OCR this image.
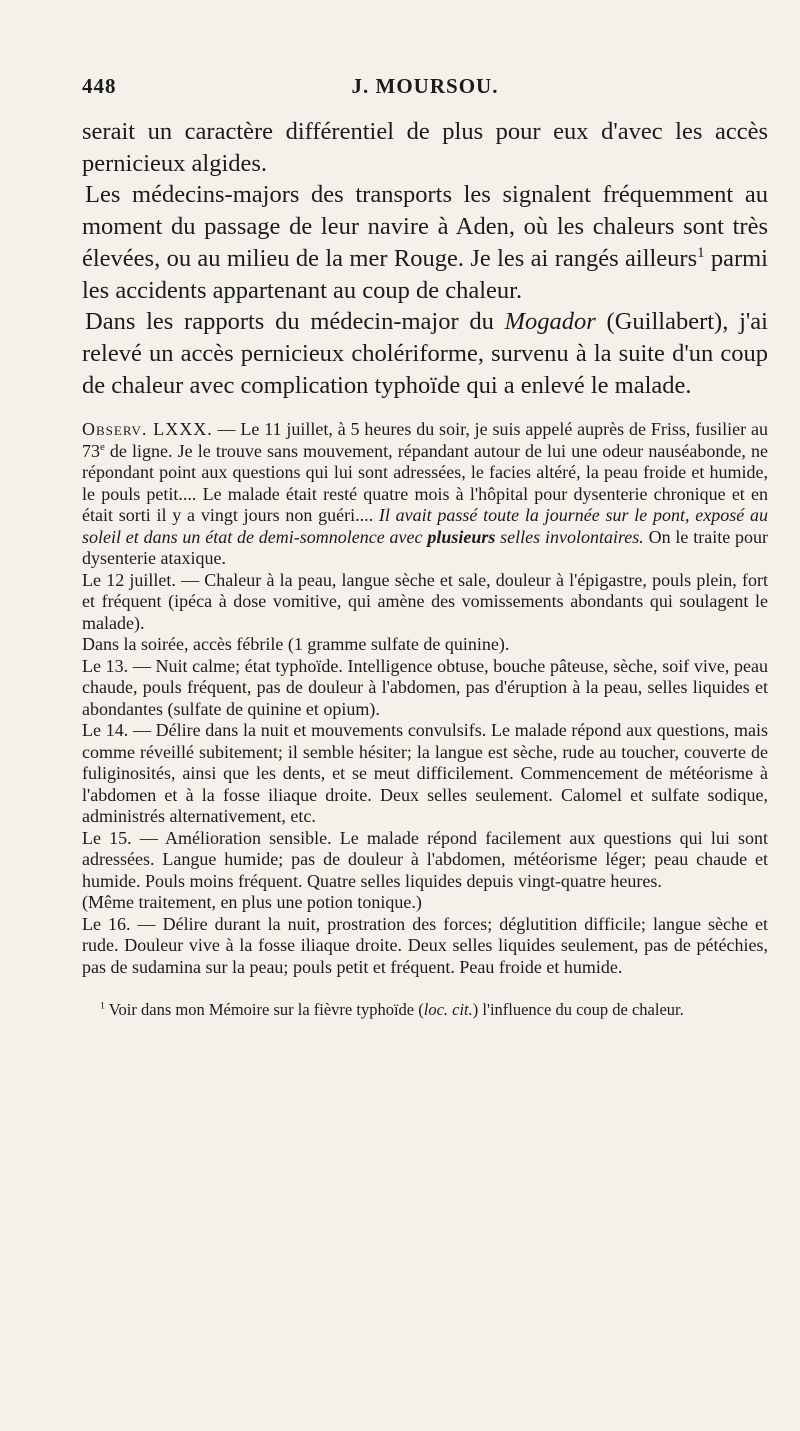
448	J. MOURSOU.

serait un caractère différentiel de plus pour eux d'avec les accès pernicieux algides.

Les médecins-majors des transports les signalent fréquemment au moment du passage de leur navire à Aden, où les chaleurs sont très élevées, ou au milieu de la mer Rouge. Je les ai rangés ailleurs$^1$ parmi les accidents appartenant au coup de chaleur.

Dans les rapports du médecin-major du Mogador (Guillabert), j'ai relevé un accès pernicieux cholériforme, survenu à la suite d'un coup de chaleur avec complication typhoïde qui a enlevé le malade.

Observ. LXXX. — Le 11 juillet, à 5 heures du soir, je suis appelé auprès de Friss, fusilier au 73e de ligne. Je le trouve sans mouvement, répandant autour de lui une odeur nauséabonde, ne répondant point aux questions qui lui sont adressées, le facies altéré, la peau froide et humide, le pouls petit.... Le malade était resté quatre mois à l'hôpital pour dysenterie chronique et en était sorti il y a vingt jours non guéri.... Il avait passé toute la journée sur le pont, exposé au soleil et dans un état de demi-somnolence avec plusieurs selles involontaires. On le traite pour dysenterie ataxique.

Le 12 juillet. — Chaleur à la peau, langue sèche et sale, douleur à l'épigastre, pouls plein, fort et fréquent (ipéca à dose vomitive, qui amène des vomissements abondants qui soulagent le malade).

Dans la soirée, accès fébrile (1 gramme sulfate de quinine).

Le 13. — Nuit calme; état typhoïde. Intelligence obtuse, bouche pâteuse, sèche, soif vive, peau chaude, pouls fréquent, pas de douleur à l'abdomen, pas d'éruption à la peau, selles liquides et abondantes (sulfate de quinine et opium).

Le 14. — Délire dans la nuit et mouvements convulsifs. Le malade répond aux questions, mais comme réveillé subitement; il semble hésiter; la langue est sèche, rude au toucher, couverte de fuliginosités, ainsi que les dents, et se meut difficilement. Commencement de météorisme à l'abdomen et à la fosse iliaque droite. Deux selles seulement. Calomel et sulfate sodique, administrés alternativement, etc.

Le 15. — Amélioration sensible. Le malade répond facilement aux questions qui lui sont adressées. Langue humide; pas de douleur à l'abdomen, météorisme léger; peau chaude et humide. Pouls moins fréquent. Quatre selles liquides depuis vingt-quatre heures.

(Même traitement, en plus une potion tonique.)

Le 16. — Délire durant la nuit, prostration des forces; déglutition difficile; langue sèche et rude. Douleur vive à la fosse iliaque droite. Deux selles liquides seulement, pas de pétéchies, pas de sudamina sur la peau; pouls petit et fréquent. Peau froide et humide.

$^1$ Voir dans mon Mémoire sur la fièvre typhoïde (loc. cit.) l'influence du coup de chaleur.
